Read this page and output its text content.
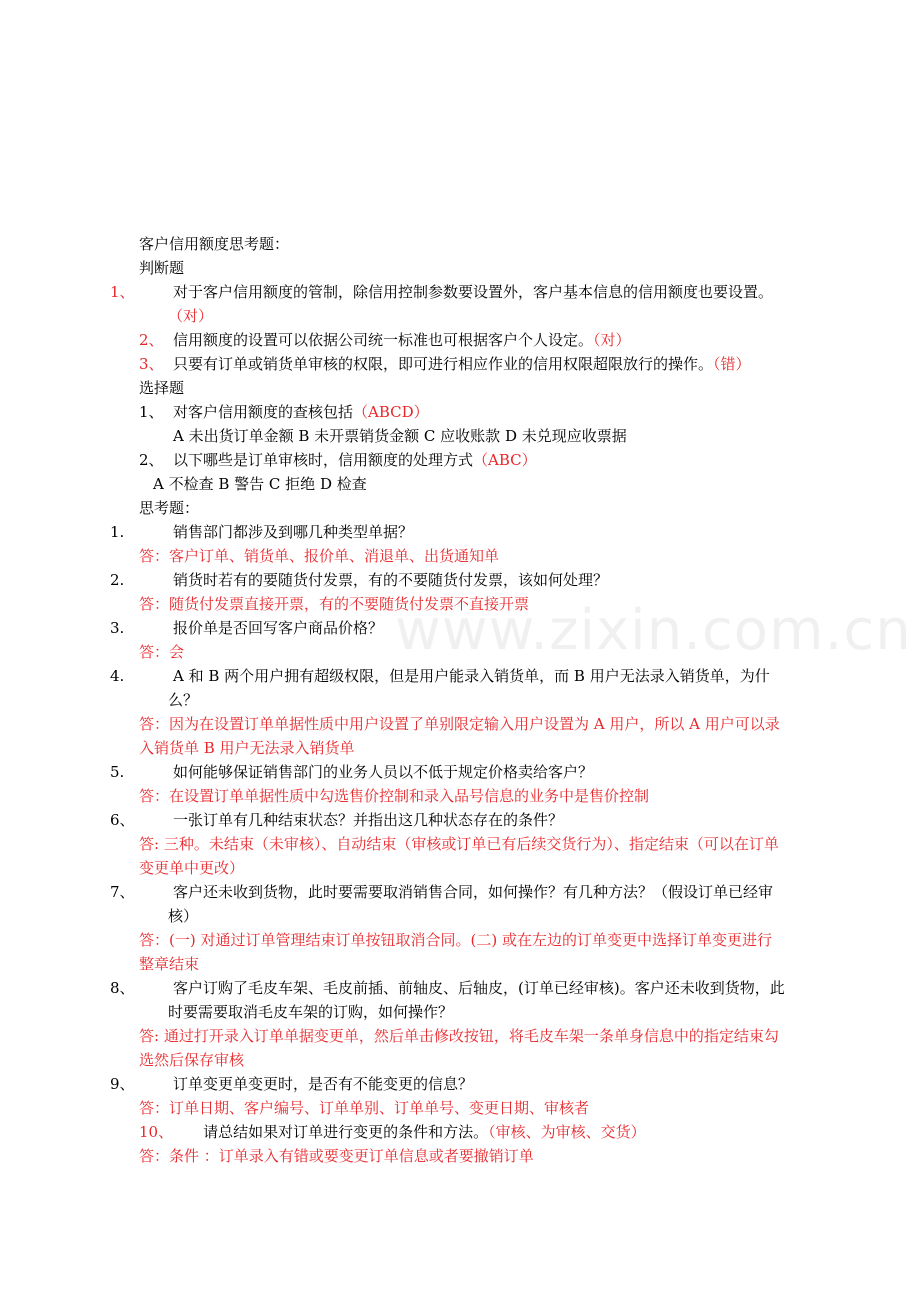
客户信用额度思考题：
判断题
1、	对于客户信用额度的管制，除信用控制参数要设置外，客户基本信息的信用额度也要设置。（对）
2、 信用额度的设置可以依据公司统一标准也可根据客户个人设定。（对）
3、 只要有订单或销货单审核的权限，即可进行相应作业的信用权限超限放行的操作。（错）
选择题
1、 对客户信用额度的查核包括（ABCD）
A 未出货订单金额 B 未开票销货金额 C 应收账款 D 未兑现应收票据
2、 以下哪些是订单审核时，信用额度的处理方式（ABC）
A 不检查 B 警告 C 拒绝 D 检查
思考题：
1.	销售部门都涉及到哪几种类型单据？
答：客户订单、销货单、报价单、消退单、出货通知单
2.	销货时若有的要随货付发票，有的不要随货付发票，该如何处理？
答：随货付发票直接开票，有的不要随货付发票不直接开票
3.	报价单是否回写客户商品价格？
答：会
4.	A 和 B 两个用户拥有超级权限，但是用户能录入销货单，而 B 用户无法录入销货单，为什么？
答：因为在设置订单单据性质中用户设置了单别限定输入用户设置为 A 用户，所以 A 用户可以录入销货单 B 用户无法录入销货单
5.	如何能够保证销售部门的业务人员以不低于规定价格卖给客户？
答：在设置订单单据性质中勾选售价控制和录入品号信息的业务中是售价控制
6、	一张订单有几种结束状态？并指出这几种状态存在的条件？
答: 三种。未结束（未审核）、自动结束（审核或订单已有后续交货行为）、指定结束（可以在订单变更单中更改）
7、	客户还未收到货物，此时要需要取消销售合同，如何操作？有几种方法？（假设订单已经审核）
答：(一) 对通过订单管理结束订单按钮取消合同。(二) 或在左边的订单变更中选择订单变更进行整章结束
8、	客户订购了毛皮车架、毛皮前插、前轴皮、后轴皮，(订单已经审核)。客户还未收到货物，此时要需要取消毛皮车架的订购，如何操作？
答: 通过打开录入订单单据变更单，然后单击修改按钮，将毛皮车架一条单身信息中的指定结束勾选然后保存审核
9、	订单变更单变更时，是否有不能变更的信息？
答：订单日期、客户编号、订单单别、订单单号、变更日期、审核者
10、 请总结如果对订单进行变更的条件和方法。（审核、为审核、交货）
答：条件 ：订单录入有错或要变更订单信息或者要撤销订单
www.zixin.com.cn
